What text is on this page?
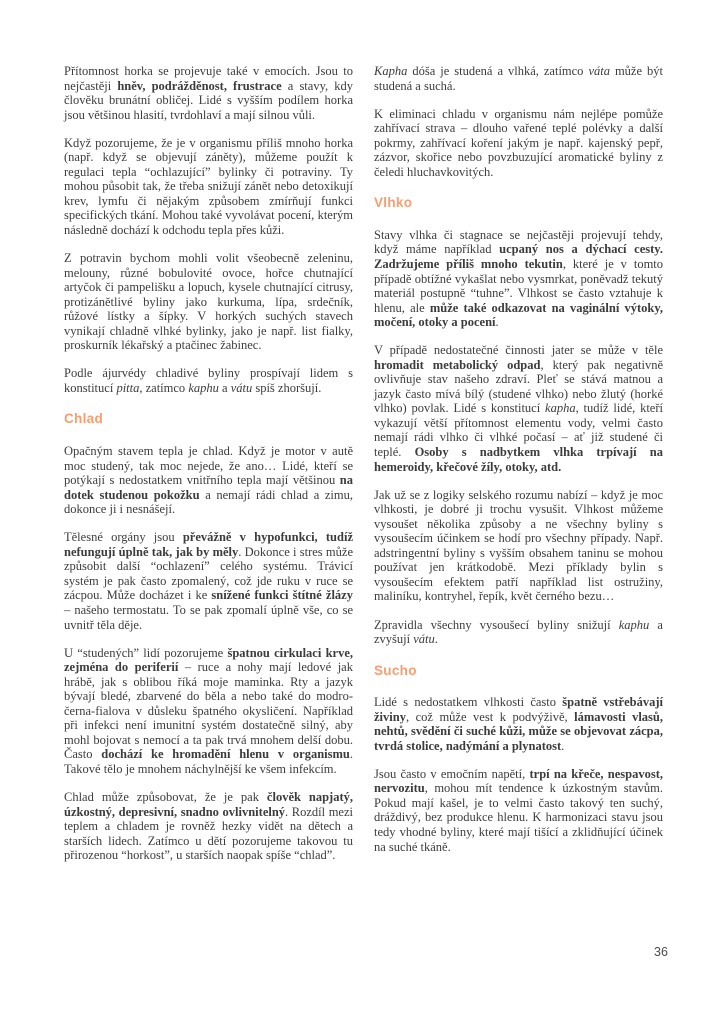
Přítomnost horka se projevuje také v emocích. Jsou to nejčastěji hněv, podrážděnost, frustrace a stavy, kdy člověku brunátní obličej. Lidé s vyšším podílem horka jsou většinou hlasití, tvrdohlaví a mají silnou vůli.

Když pozorujeme, že je v organismu příliš mnoho horka (např. když se objevují záněty), můžeme použít k regulaci tepla “ochlazující” bylinky či potraviny. Ty mohou působit tak, že třeba snižují zánět nebo detoxikují krev, lymfu či nějakým způsobem zmírňují funkci specifických tkání. Mohou také vyvolávat pocení, kterým následně dochází k odchodu tepla přes kůži.

Z potravin bychom mohli volit všeobecně zeleninu, melouny, různé bobulovité ovoce, hořce chutnající artyčok či pampelišku a lopuch, kysele chutnající citrusy, protizánětlivé byliny jako kurkuma, lípa, srdečník, růžové lístky a šípky. V horkých suchých stavech vynikají chladně vlhké bylinky, jako je např. list fialky, proskurník lékařský a ptačinec žabinec.

Podle ájurvédy chladivé byliny prospívají lidem s konstitucí pitta, zatímco kaphu a vátu spíš zhoršují.

Chlad

Opačným stavem tepla je chlad. Když je motor v autě moc studený, tak moc nejede, že ano… Lidé, kteří se potýkají s nedostatkem vnitřního tepla mají většinou na dotek studenou pokožku a nemají rádi chlad a zimu, dokonce ji i nesnášejí.

Tělesné orgány jsou převážně v hypofunkci, tudíž nefungují úplně tak, jak by měly. Dokonce i stres může způsobit další “ochlazení” celého systému. Trávicí systém je pak často zpomalený, což jde ruku v ruce se zácpou. Může docházet i ke snížené funkci štítné žlázy – našeho termostatu. To se pak zpomalí úplně vše, co se uvnitř těla děje.

U “studených” lidí pozorujeme špatnou cirkulaci krve, zejména do periferií – ruce a nohy mají ledové jak hrábě, jak s oblibou říká moje maminka. Rty a jazyk bývají bledé, zbarvené do běla a nebo také do modro-černa-fialova v důsleku špatného okysličení. Například při infekci není imunitní systém dostatečně silný, aby mohl bojovat s nemocí a ta pak trvá mnohem delší dobu. Často dochází ke hromadění hlenu v organismu. Takové tělo je mnohem náchylnější ke všem infekcím.

Chlad může způsobovat, že je pak člověk napjatý, úzkostný, depresivní, snadno ovlivnitelný. Rozdíl mezi teplem a chladem je rovněž hezky vidět na dětech a starších lidech. Zatímco u dětí pozorujeme takovou tu přirozenou “horkost”, u starších naopak spíše “chlad”.

Kapha dóša je studená a vlhká, zatímco váta může být studená a suchá.

K eliminaci chladu v organismu nám nejlépe pomůže zahřívací strava – dlouho vařené teplé polévky a další pokrmy, zahřívací koření jakým je např. kajenský pepř, zázvor, skořice nebo povzbuzující aromatické byliny z čeledi hluchavkovitých.

Vlhko

Stavy vlhka či stagnace se nejčastěji projevují tehdy, když máme například ucpaný nos a dýchací cesty. Zadržujeme příliš mnoho tekutin, které je v tomto případě obtížné vykašlat nebo vysmrkat, poněvadž tekutý materiál postupně “tuhne”. Vlhkost se často vztahuje k hlenu, ale může také odkazovat na vaginální výtoky, močení, otoky a pocení.

V případě nedostatečné činnosti jater se může v těle hromadit metabolický odpad, který pak negativně ovlivňuje stav našeho zdraví. Pleť se stává matnou a jazyk často mívá bílý (studené vlhko) nebo žlutý (horké vlhko) povlak. Lidé s konstitucí kapha, tudíž lidé, kteří vykazují větší přítomnost elementu vody, velmi často nemají rádi vlhko či vlhké počasí – ať již studené či teplé. Osoby s nadbytkem vlhka trpívají na hemeroidy, křečové žíly, otoky, atd.

Jak už se z logiky selského rozumu nabízí – když je moc vlhkosti, je dobré ji trochu vysušit. Vlhkost můžeme vysoušet několika způsoby a ne všechny byliny s vysoušecím účinkem se hodí pro všechny případy. Např. adstringentní byliny s vyšším obsahem taninu se mohou používat jen krátkodobě. Mezi příklady bylin s vysoušecím efektem patří například list ostružiny, maliníku, kontryhel, řepík, květ černého bezu…

Zpravidla všechny vysoušecí byliny snižují kaphu a zvyšují vátu.

Sucho

Lidé s nedostatkem vlhkosti často špatně vstřebávají živiny, což může vest k podvýživě, lámavosti vlasů, nehtů, svědění či suché kůži, může se objevovat zácpa, tvrdá stolice, nadýmání a plynatost.

Jsou často v emočním napětí, trpí na křeče, nespavost, nervozitu, mohou mít tendence k úzkostným stavům. Pokud mají kašel, je to velmi často takový ten suchý, dráždivý, bez produkce hlenu. K harmonizaci stavu jsou tedy vhodné byliny, které mají tišící a zklidňující účinek na suché tkáně.

36
